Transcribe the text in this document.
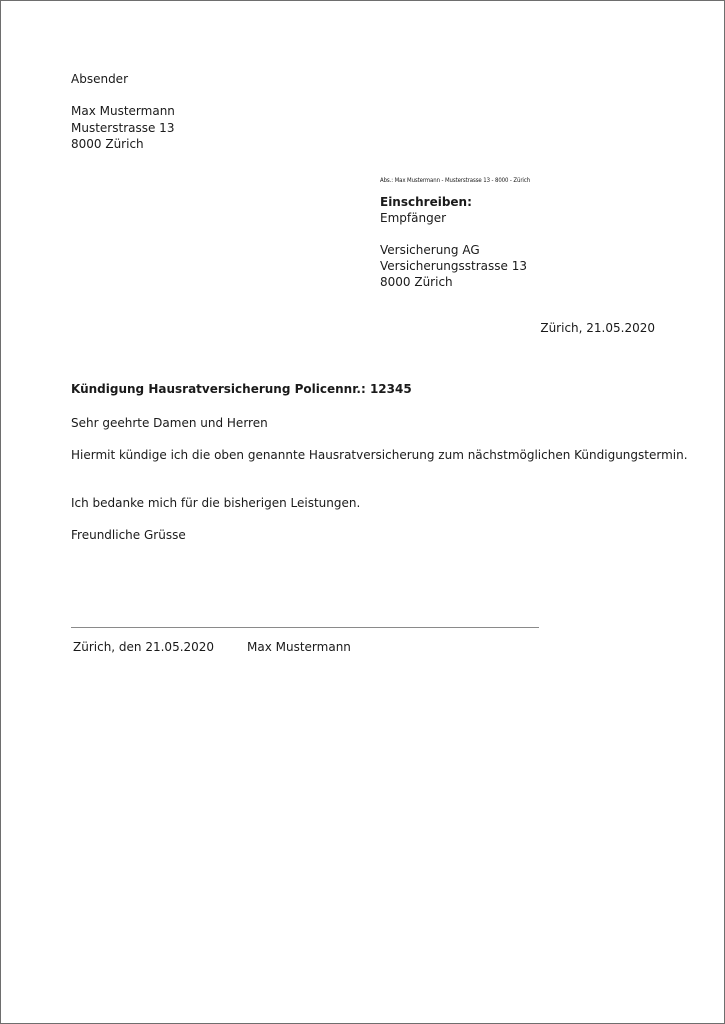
Absender
Max Mustermann
Musterstrasse 13
8000 Zürich
Abs.: Max Mustermann - Musterstrasse 13 - 8000 - Zürich
Einschreiben:
Empfänger
Versicherung AG
Versicherungsstrasse 13
8000 Zürich
Zürich, 21.05.2020
Kündigung Hausratversicherung Policennr.: 12345
Sehr geehrte Damen und Herren
Hiermit kündige ich die oben genannte Hausratversicherung zum nächstmöglichen Kündigungstermin.
Ich bedanke mich für die bisherigen Leistungen.
Freundliche Grüsse
Zürich, den 21.05.2020	Max Mustermann
